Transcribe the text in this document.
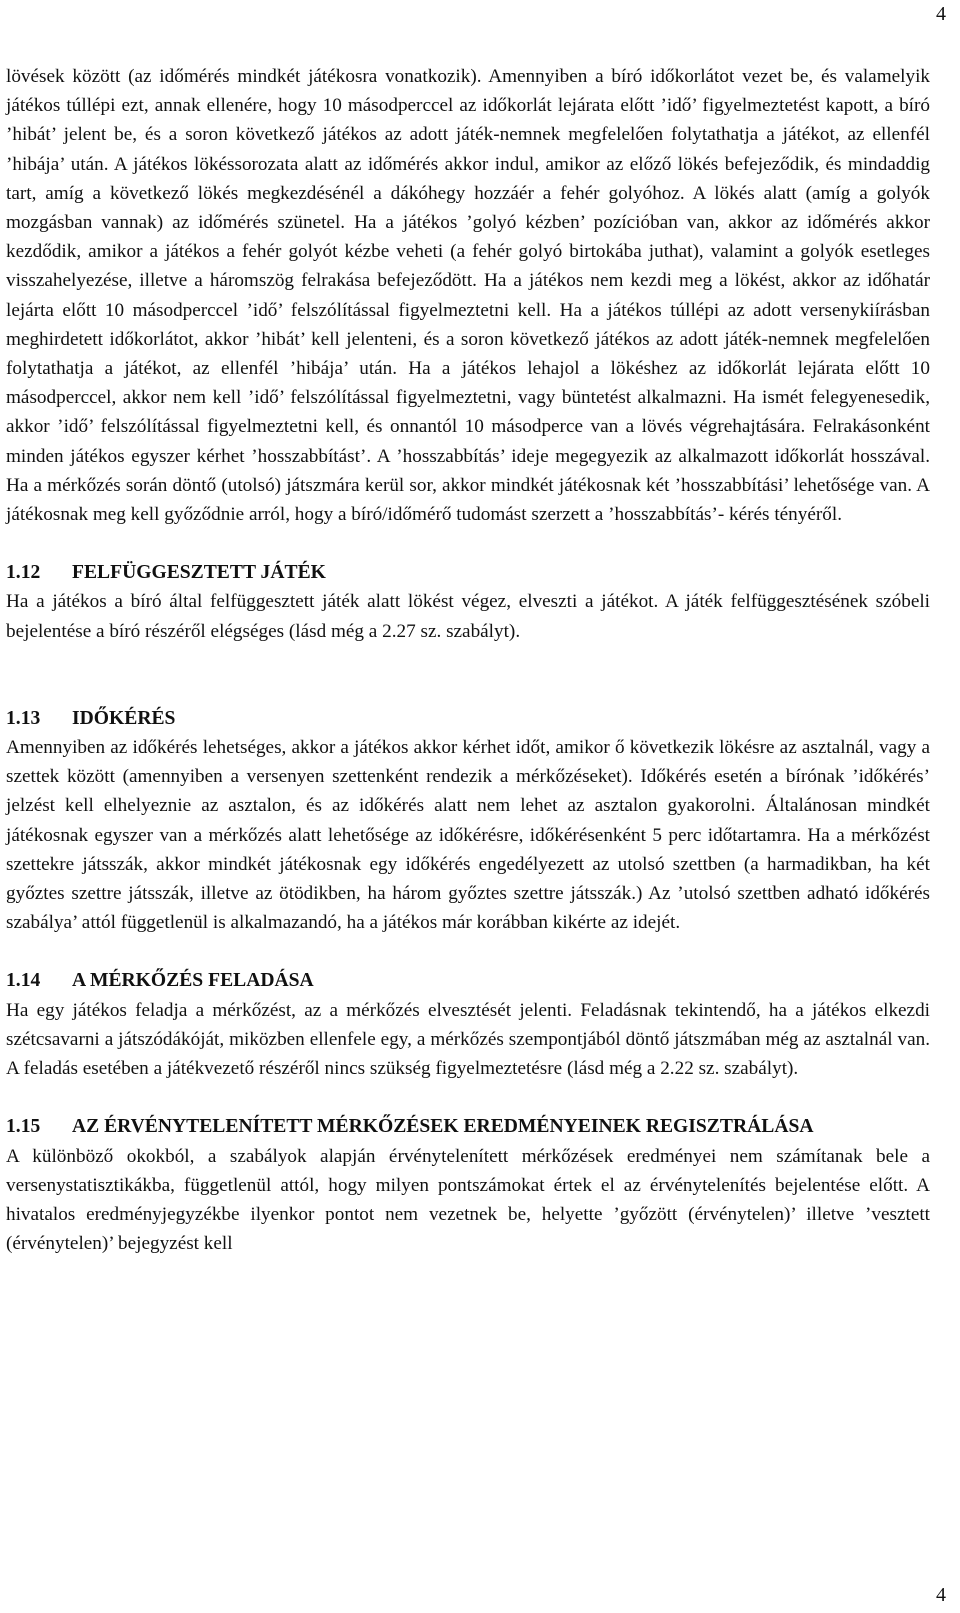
4

lövések között (az időmérés mindkét játékosra vonatkozik). Amennyiben a bíró időkorlátot vezet be, és valamelyik játékos túllépi ezt, annak ellenére, hogy 10 másodperccel az időkorlát lejárata előtt ’idő’ figyelmeztetést kapott, a bíró ’hibát’ jelent be, és a soron következő játékos az adott játék-nemnek megfelelően folytathatja a játékot, az ellenfél ’hibája’ után. A játékos lökéssorozata alatt az időmérés akkor indul, amikor az előző lökés befejeződik, és mindaddig tart, amíg a következő lökés megkezdésénél a dákóhegy hozzáér a fehér golyóhoz. A lökés alatt (amíg a golyók mozgásban vannak) az időmérés szünetel. Ha a játékos ’golyó kézben’ pozícióban van, akkor az időmérés akkor kezdődik, amikor a játékos a fehér golyót kézbe veheti (a fehér golyó birtokába juthat), valamint a golyók esetleges visszahelyezése, illetve a háromszög felrakása befejeződött. Ha a játékos nem kezdi meg a lökést, akkor az időhatár lejárta előtt 10 másodperccel ’idő’ felszólítással figyelmeztetni kell. Ha a játékos túllépi az adott versenykiírásban meghirdetett időkorlátot, akkor ’hibát’ kell jelenteni, és a soron következő játékos az adott játék-nemnek megfelelően folytathatja a játékot, az ellenfél ’hibája’ után. Ha a játékos lehajol a lökéshez az időkorlát lejárata előtt 10 másodperccel, akkor nem kell ’idő’ felszólítással figyelmeztetni, vagy büntetést alkalmazni. Ha ismét felegyenesedik, akkor ’idő’ felszólítással figyelmeztetni kell, és onnantól 10 másodperce van a lövés végrehajtására. Felrakásonként minden játékos egyszer kérhet ’hosszabbítást’. A ’hosszabbítás’ ideje megegyezik az alkalmazott időkorlát hosszával. Ha a mérkőzés során döntő (utolsó) játszmára kerül sor, akkor mindkét játékosnak két ’hosszabbítási’ lehetősége van. A játékosnak meg kell győződnie arról, hogy a bíró/időmérő tudomást szerzett a ’hosszabbítás’- kérés tényéről.

1.12	FELFÜGGESZTETT JÁTÉK

Ha a játékos a bíró által felfüggesztett játék alatt lökést végez, elveszti a játékot. A játék felfüggesztésének szóbeli bejelentése a bíró részéről elégséges (lásd még a 2.27 sz. szabályt).

1.13	IDŐKÉRÉS

Amennyiben az időkérés lehetséges, akkor a játékos akkor kérhet időt, amikor ő következik lökésre az asztalnál, vagy a szettek között (amennyiben a versenyen szettenként rendezik a mérkőzéseket). Időkérés esetén a bírónak ’időkérés’ jelzést kell elhelyeznie az asztalon, és az időkérés alatt nem lehet az asztalon gyakorolni. Általánosan mindkét játékosnak egyszer van a mérkőzés alatt lehetősége az időkérésre, időkérésenként 5 perc időtartamra. Ha a mérkőzést szettekre játsszák, akkor mindkét játékosnak egy időkérés engedélyezett az utolsó szettben (a harmadikban, ha két győztes szettre játsszák, illetve az ötödikben, ha három győztes szettre játsszák.) Az ’utolsó szettben adható időkérés szabálya’ attól függetlenül is alkalmazandó, ha a játékos már korábban kikérte az idejét.

1.14	A MÉRKŐZÉS FELADÁSA

Ha egy játékos feladja a mérkőzést, az a mérkőzés elvesztését jelenti. Feladásnak tekintendő, ha a játékos elkezdi szétcsavarni a játszódákóját, miközben ellenfele egy, a mérkőzés szempontjából döntő játszmában még az asztalnál van. A feladás esetében a játékvezető részéről nincs szükség figyelmeztetésre (lásd még a 2.22 sz. szabályt).

1.15	AZ ÉRVÉNYTELENÍTETT MÉRKŐZÉSEK EREDMÉNYEINEK REGISZTRÁLÁSA

A különböző okokból, a szabályok alapján érvénytelenített mérkőzések eredményei nem számítanak bele a versenystatisztikákba, függetlenül attól, hogy milyen pontszámokat értek el az érvénytelenítés bejelentése előtt. A hivatalos eredményjegyzékbe ilyenkor pontot nem vezetnek be, helyette ’győzött (érvénytelen)’ illetve ’vesztett (érvénytelen)’ bejegyzést kell

4
